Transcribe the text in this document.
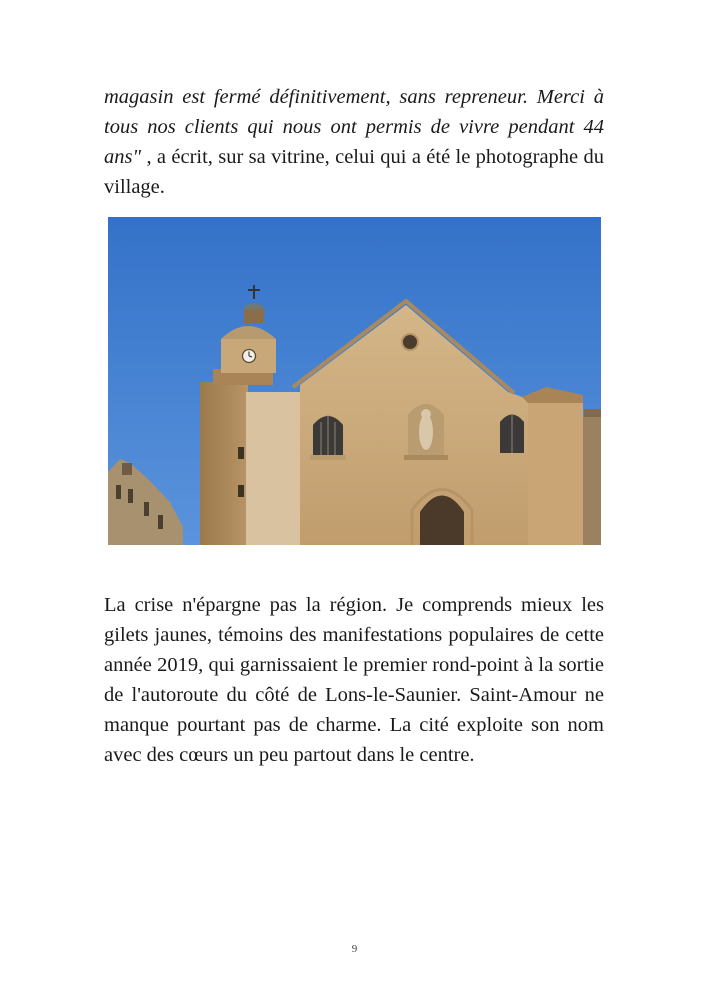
magasin est fermé définitivement, sans repreneur. Merci à tous nos clients qui nous ont permis de vivre pendant 44 ans" , a écrit, sur sa vitrine, celui qui a été le photographe du village.

La crise n'épargne pas la région. Je comprends mieux les gilets jaunes, témoins des manifestations populaires de cette année 2019, qui garnissaient le premier rond-point à la sortie de l'autoroute du côté de Lons-le-Saunier. Saint-Amour ne manque pourtant pas de charme. La cité exploite son nom avec des cœurs un peu partout dans le centre.

9
